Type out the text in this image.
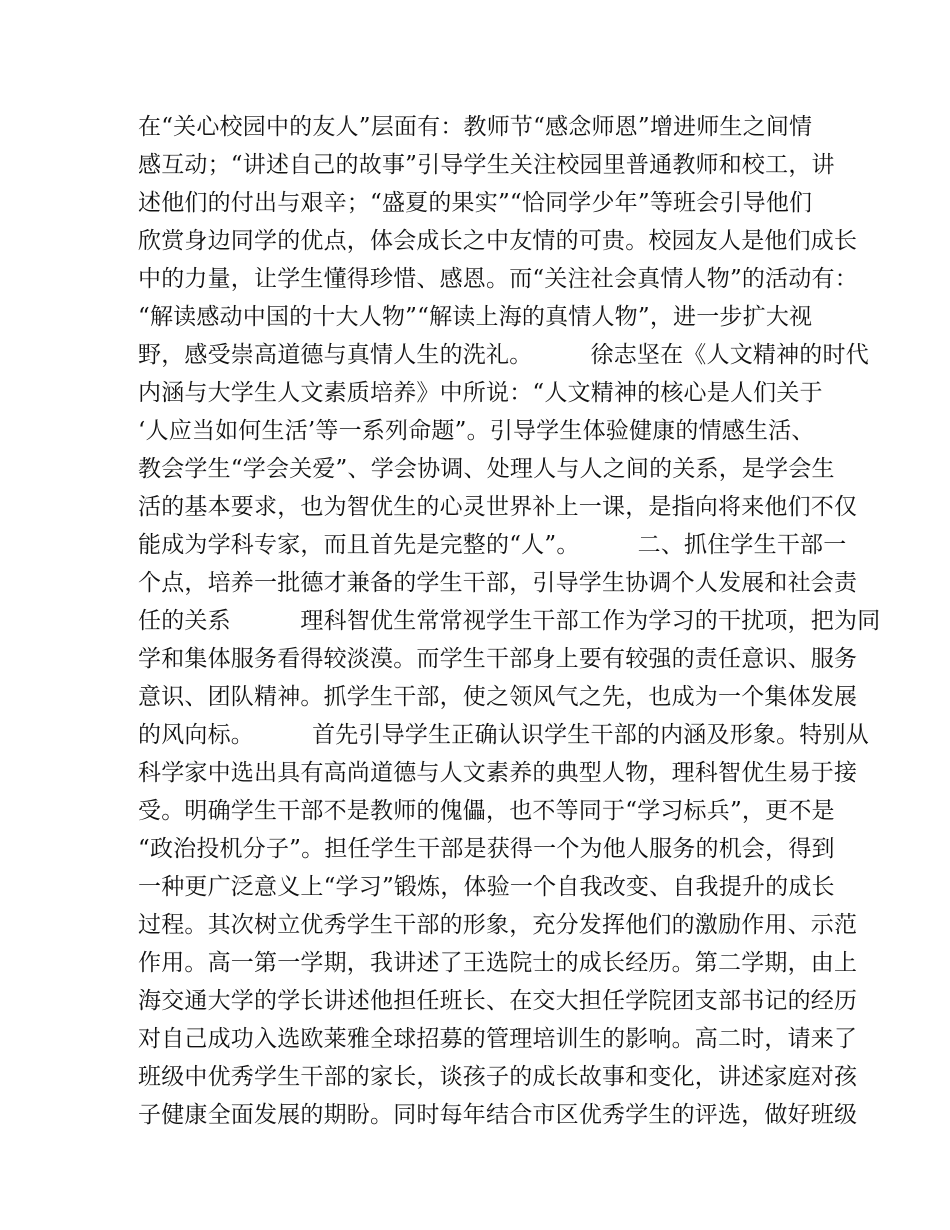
在“关心校园中的友人”层面有：教师节“感念师恩”增进师生之间情
感互动；“讲述自己的故事”引导学生关注校园里普通教师和校工，讲
述他们的付出与艰辛；“盛夏的果实”“恰同学少年”等班会引导他们
欣赏身边同学的优点，体会成长之中友情的可贵。校园友人是他们成长
中的力量，让学生懂得珍惜、感恩。而“关注社会真情人物”的活动有：
“解读感动中国的十大人物”“解读上海的真情人物”，进一步扩大视
野，感受崇高道德与真情人生的洗礼。　　　徐志坚在《人文精神的时代
内涵与大学生人文素质培养》中所说：“人文精神的核心是人们关于
‘人应当如何生活’等一系列命题”。引导学生体验健康的情感生活、
教会学生“学会关爱”、学会协调、处理人与人之间的关系，是学会生
活的基本要求，也为智优生的心灵世界补上一课，是指向将来他们不仅
能成为学科专家，而且首先是完整的“人”。　　　二、抓住学生干部一
个点，培养一批德才兼备的学生干部，引导学生协调个人发展和社会责
任的关系　　　理科智优生常常视学生干部工作为学习的干扰项，把为同
学和集体服务看得较淡漠。而学生干部身上要有较强的责任意识、服务
意识、团队精神。抓学生干部，使之领风气之先，也成为一个集体发展
的风向标。　　　首先引导学生正确认识学生干部的内涵及形象。特别从
科学家中选出具有高尚道德与人文素养的典型人物，理科智优生易于接
受。明确学生干部不是教师的傀儡，也不等同于“学习标兵”，更不是
“政治投机分子”。担任学生干部是获得一个为他人服务的机会，得到
一种更广泛意义上“学习”锻炼，体验一个自我改变、自我提升的成长
过程。其次树立优秀学生干部的形象，充分发挥他们的激励作用、示范
作用。高一第一学期，我讲述了王选院士的成长经历。第二学期，由上
海交通大学的学长讲述他担任班长、在交大担任学院团支部书记的经历
对自己成功入选欧莱雅全球招募的管理培训生的影响。高二时，请来了
班级中优秀学生干部的家长，谈孩子的成长故事和变化，讲述家庭对孩
子健康全面发展的期盼。同时每年结合市区优秀学生的评选，做好班级
